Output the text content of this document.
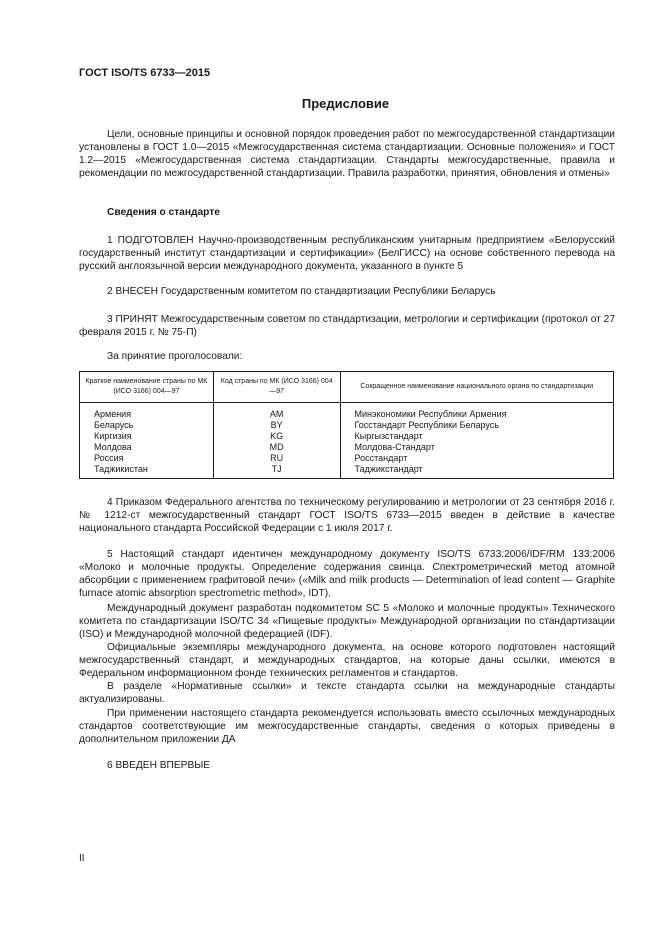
ГОСТ ISO/TS 6733—2015
Предисловие

Цели, основные принципы и основной порядок проведения работ по межгосударственной стандартизации установлены в ГОСТ 1.0—2015 «Межгосударственная система стандартизации. Основные положения» и ГОСТ 1.2—2015 «Межгосударственная система стандартизации. Стандарты межгосударственные, правила и рекомендации по межгосударственной стандартизации. Правила разработки, принятия, обновления и отмены»

Сведения о стандарте

1 ПОДГОТОВЛЕН Научно-производственным республиканским унитарным предприятием «Белорусский государственный институт стандартизации и сертификации» (БелГИСС) на основе собственного перевода на русский англоязычной версии международного документа, указанного в пункте 5

2 ВНЕСЕН Государственным комитетом по стандартизации Республики Беларусь

3 ПРИНЯТ Межгосударственным советом по стандартизации, метрологии и сертификации (протокол от 27 февраля 2015 г. № 75-П)

За принятие проголосовали:
Краткое наименование страны по МК (ИСО 3166) 004—97	Код страны по МК (ИСО 3166) 004—97	Сокращенное наименование национального органа по стандартизации
Армения	AM	Минэкономики Республики Армения
Беларусь	BY	Госстандарт Республики Беларусь
Киргизия	KG	Кыргызстандарт
Молдова	MD	Молдова-Стандарт
Россия	RU	Росстандарт
Таджикистан	TJ	Таджикстандарт

4 Приказом Федерального агентства по техническому регулированию и метрологии от 23 сентября 2016 г. № 1212-ст межгосударственный стандарт ГОСТ ISO/TS 6733—2015 введен в действие в качестве национального стандарта Российской Федерации с 1 июля 2017 г.

5 Настоящий стандарт идентичен международному документу ISO/TS 6733:2006/IDF/RM 133:2006 «Молоко и молочные продукты. Определение содержания свинца. Спектрометрический метод атомной абсорбции с применением графитовой печи» («Milk and milk products — Determination of lead content — Graphite furnace atomic absorption spectrometric method», IDT).

Международный документ разработан подкомитетом SC 5 «Молоко и молочные продукты» Технического комитета по стандартизации ISO/TC 34 «Пищевые продукты» Международной организации по стандартизации (ISO) и Международной молочной федерацией (IDF).

Официальные экземпляры международного документа, на основе которого подготовлен настоящий межгосударственный стандарт, и международных стандартов, на которые даны ссылки, имеются в Федеральном информационном фонде технических регламентов и стандартов.

В разделе «Нормативные ссылки» и тексте стандарта ссылки на международные стандарты актуализированы.

При применении настоящего стандарта рекомендуется использовать вместо ссылочных международных стандартов соответствующие им межгосударственные стандарты, сведения о которых приведены в дополнительном приложении ДА

6 ВВЕДЕН ВПЕРВЫЕ
II
